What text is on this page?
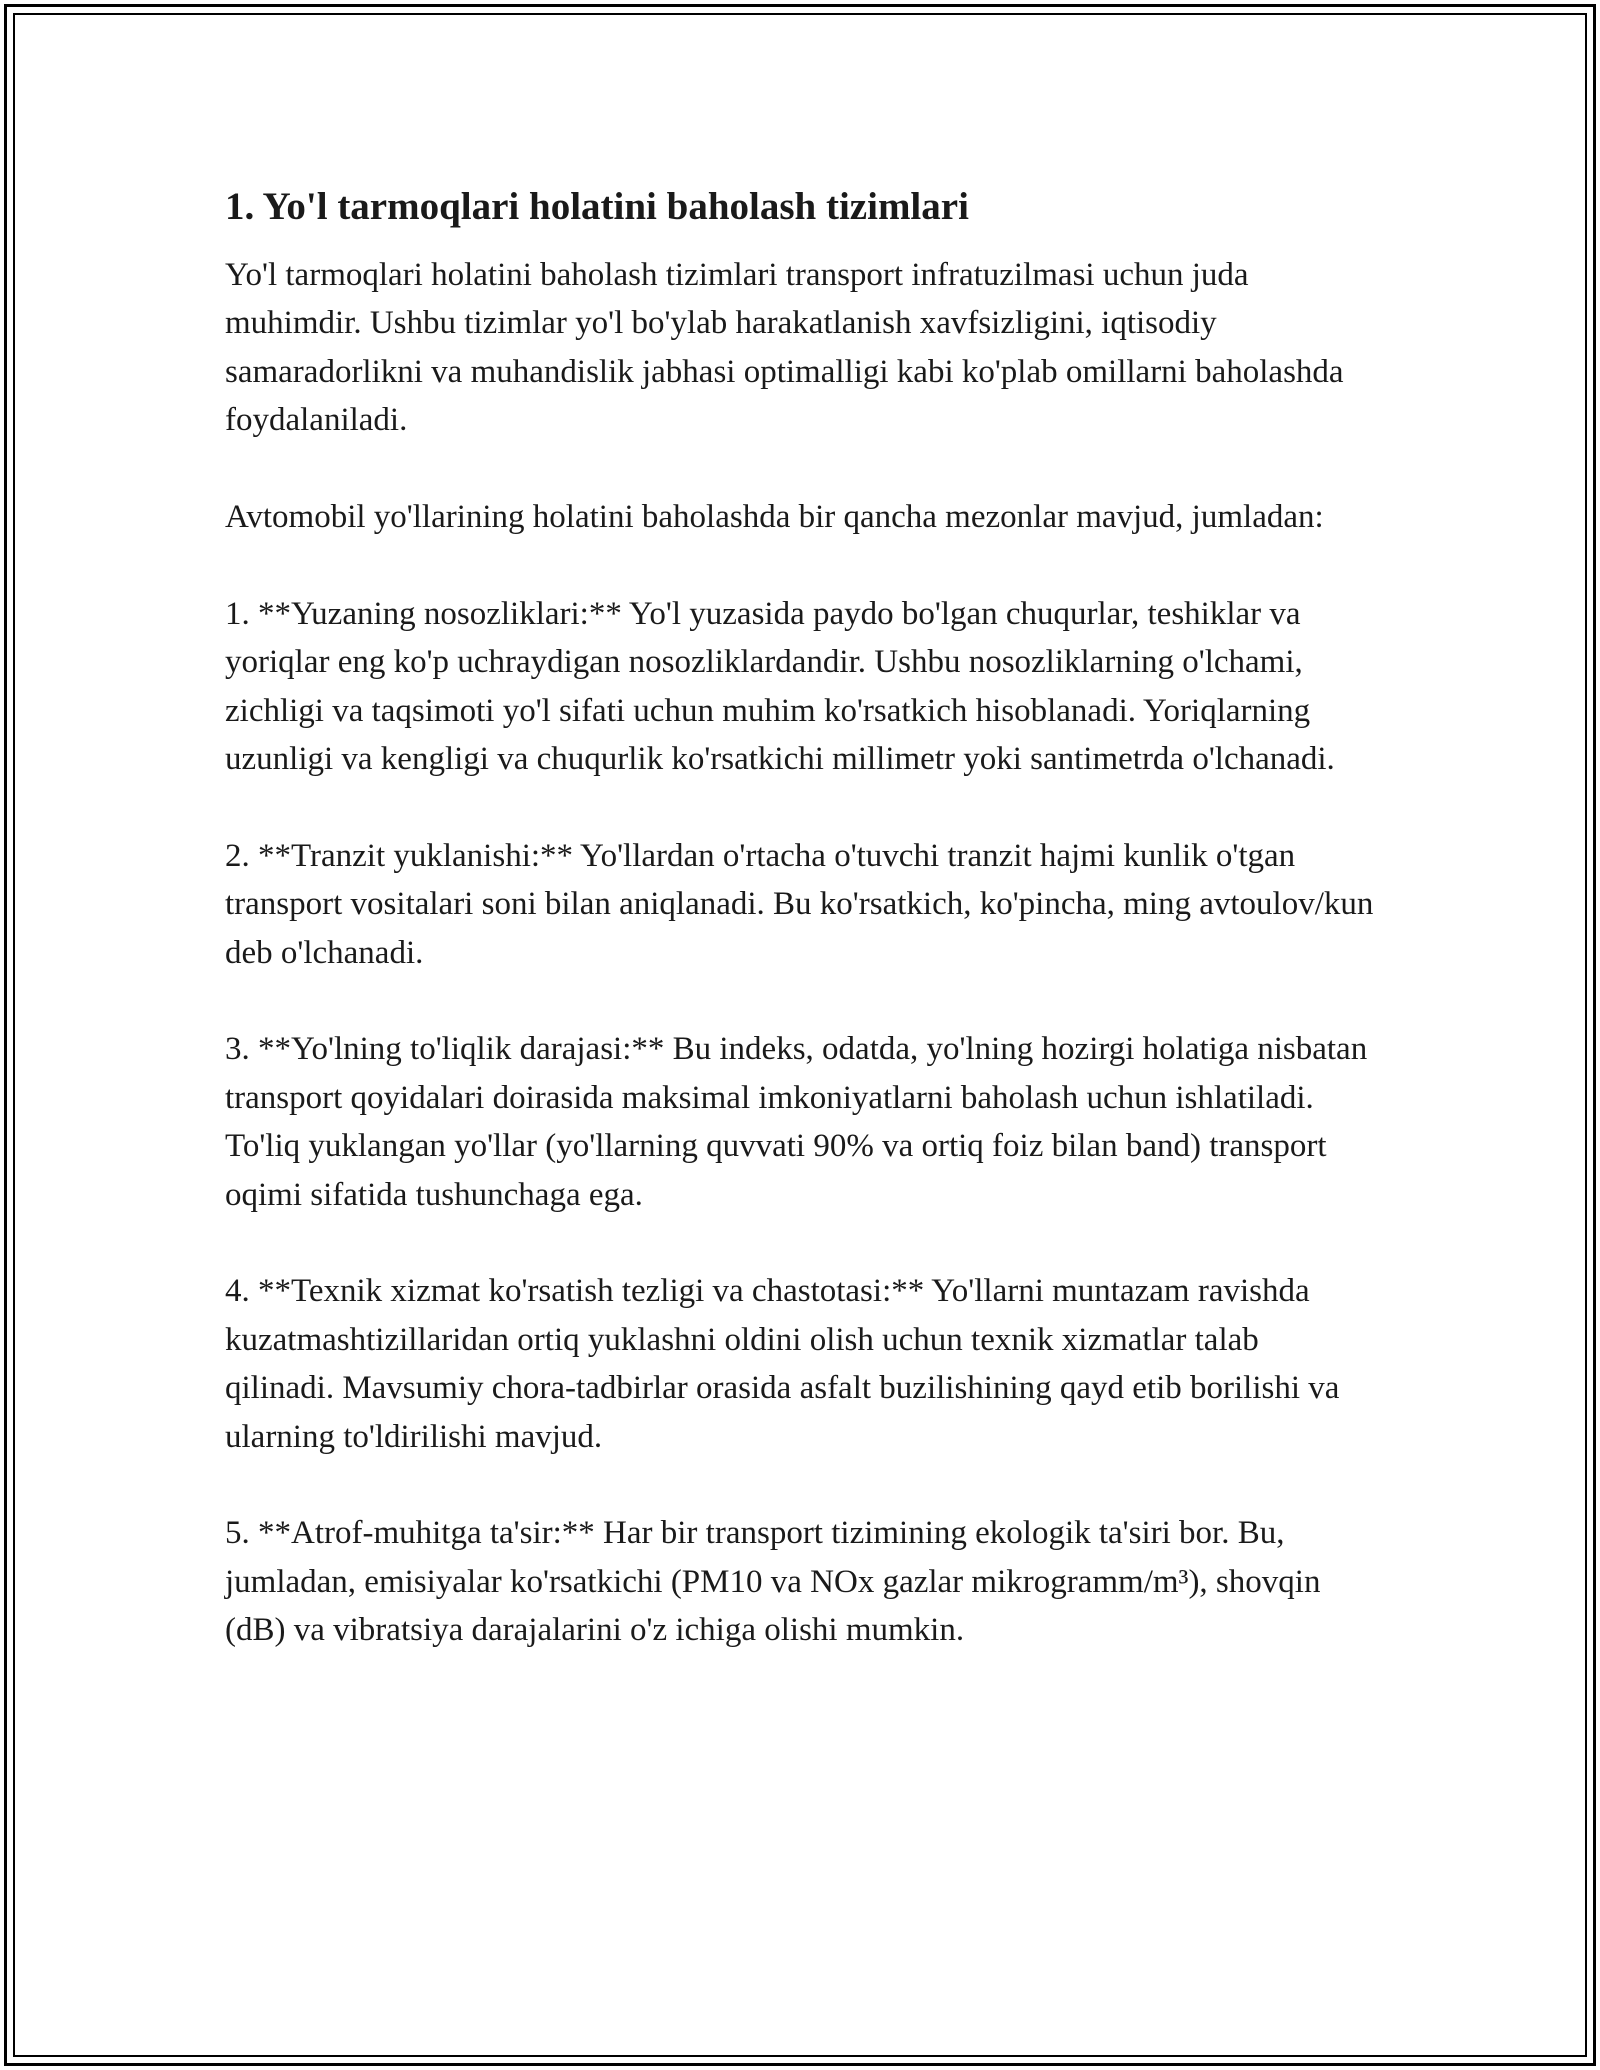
1. Yo'l tarmoqlari holatini baholash tizimlari

Yo'l tarmoqlari holatini baholash tizimlari transport infratuzilmasi uchun juda muhimdir. Ushbu tizimlar yo'l bo'ylab harakatlanish xavfsizligini, iqtisodiy samaradorlikni va muhandislik jabhasi optimalligi kabi ko'plab omillarni baholashda foydalaniladi.

Avtomobil yo'llarining holatini baholashda bir qancha mezonlar mavjud, jumladan:

1. **Yuzaning nosozliklari:** Yo'l yuzasida paydo bo'lgan chuqurlar, teshiklar va yoriqlar eng ko'p uchraydigan nosozliklardandir. Ushbu nosozliklarning o'lchami, zichligi va taqsimoti yo'l sifati uchun muhim ko'rsatkich hisoblanadi. Yoriqlarning uzunligi va kengligi va chuqurlik ko'rsatkichi millimetr yoki santimetrda o'lchanadi.

2. **Tranzit yuklanishi:** Yo'llardan o'rtacha o'tuvchi tranzit hajmi kunlik o'tgan transport vositalari soni bilan aniqlanadi. Bu ko'rsatkich, ko'pincha, ming avtoulov/kun deb o'lchanadi.

3. **Yo'lning to'liqlik darajasi:** Bu indeks, odatda, yo'lning hozirgi holatiga nisbatan transport qoyidalari doirasida maksimal imkoniyatlarni baholash uchun ishlatiladi. To'liq yuklangan yo'llar (yo'llarning quvvati 90% va ortiq foiz bilan band) transport oqimi sifatida tushunchaga ega.

4. **Texnik xizmat ko'rsatish tezligi va chastotasi:** Yo'llarni muntazam ravishda kuzatmashtizillaridan ortiq yuklashni oldini olish uchun texnik xizmatlar talab qilinadi. Mavsumiy chora-tadbirlar orasida asfalt buzilishining qayd etib borilishi va ularning to'ldirilishi mavjud.

5. **Atrof-muhitga ta'sir:** Har bir transport tizimining ekologik ta'siri bor. Bu, jumladan, emisiyalar ko'rsatkichi (PM10 va NOx gazlar mikrogramm/m³), shovqin (dB) va vibratsiya darajalarini o'z ichiga olishi mumkin.
